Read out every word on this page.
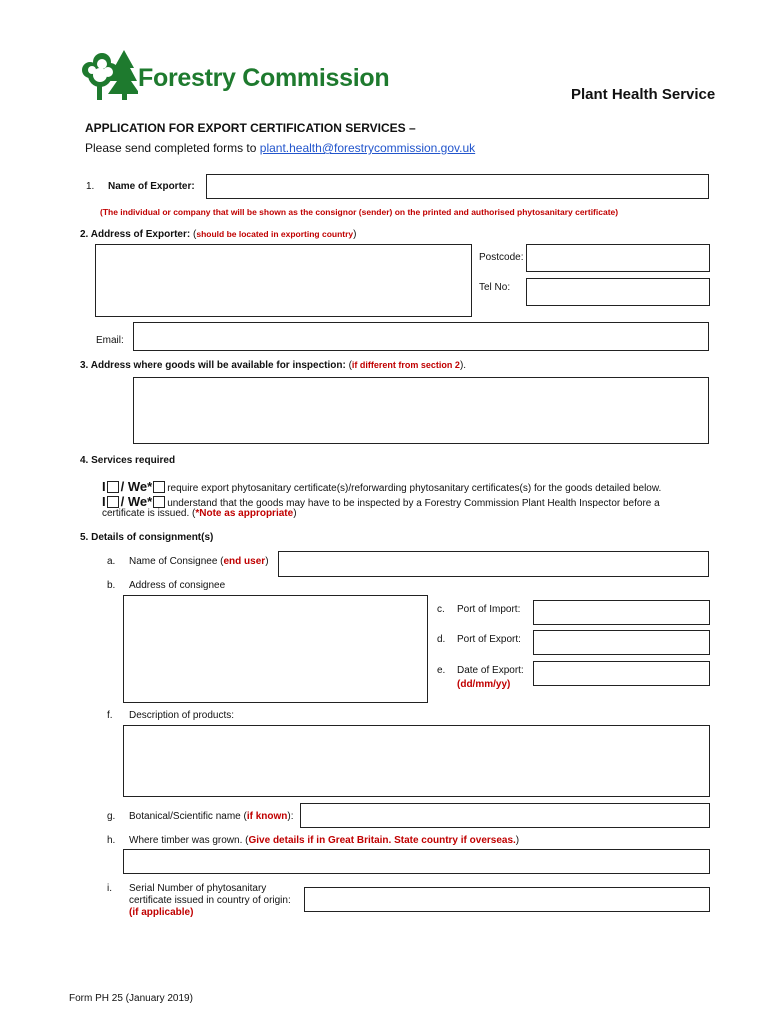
Forestry Commission
Plant Health Service
APPLICATION FOR EXPORT CERTIFICATION SERVICES –
Please send completed forms to plant.health@forestrycommission.gov.uk
1. Name of Exporter:
(The individual or company that will be shown as the consignor (sender) on the printed and authorised phytosanitary certificate)
2. Address of Exporter: (should be located in exporting country)
Postcode:
Tel No:
Email:
3. Address where goods will be available for inspection: (if different from section 2).
4. Services required
I / We* require export phytosanitary certificate(s)/reforwarding phytosanitary certificates(s) for the goods detailed below.
I / We* understand that the goods may have to be inspected by a Forestry Commission Plant Health Inspector before a
certificate is issued. (*Note as appropriate)
5. Details of consignment(s)
a. Name of Consignee (end user)
b. Address of consignee
c. Port of Import:
d. Port of Export:
e. Date of Export:
(dd/mm/yy)
f. Description of products:
g. Botanical/Scientific name (if known):
h. Where timber was grown. (Give details if in Great Britain. State country if overseas.)
i. Serial Number of phytosanitary
certificate issued in country of origin:
(if applicable)
Form PH 25 (January 2019)
